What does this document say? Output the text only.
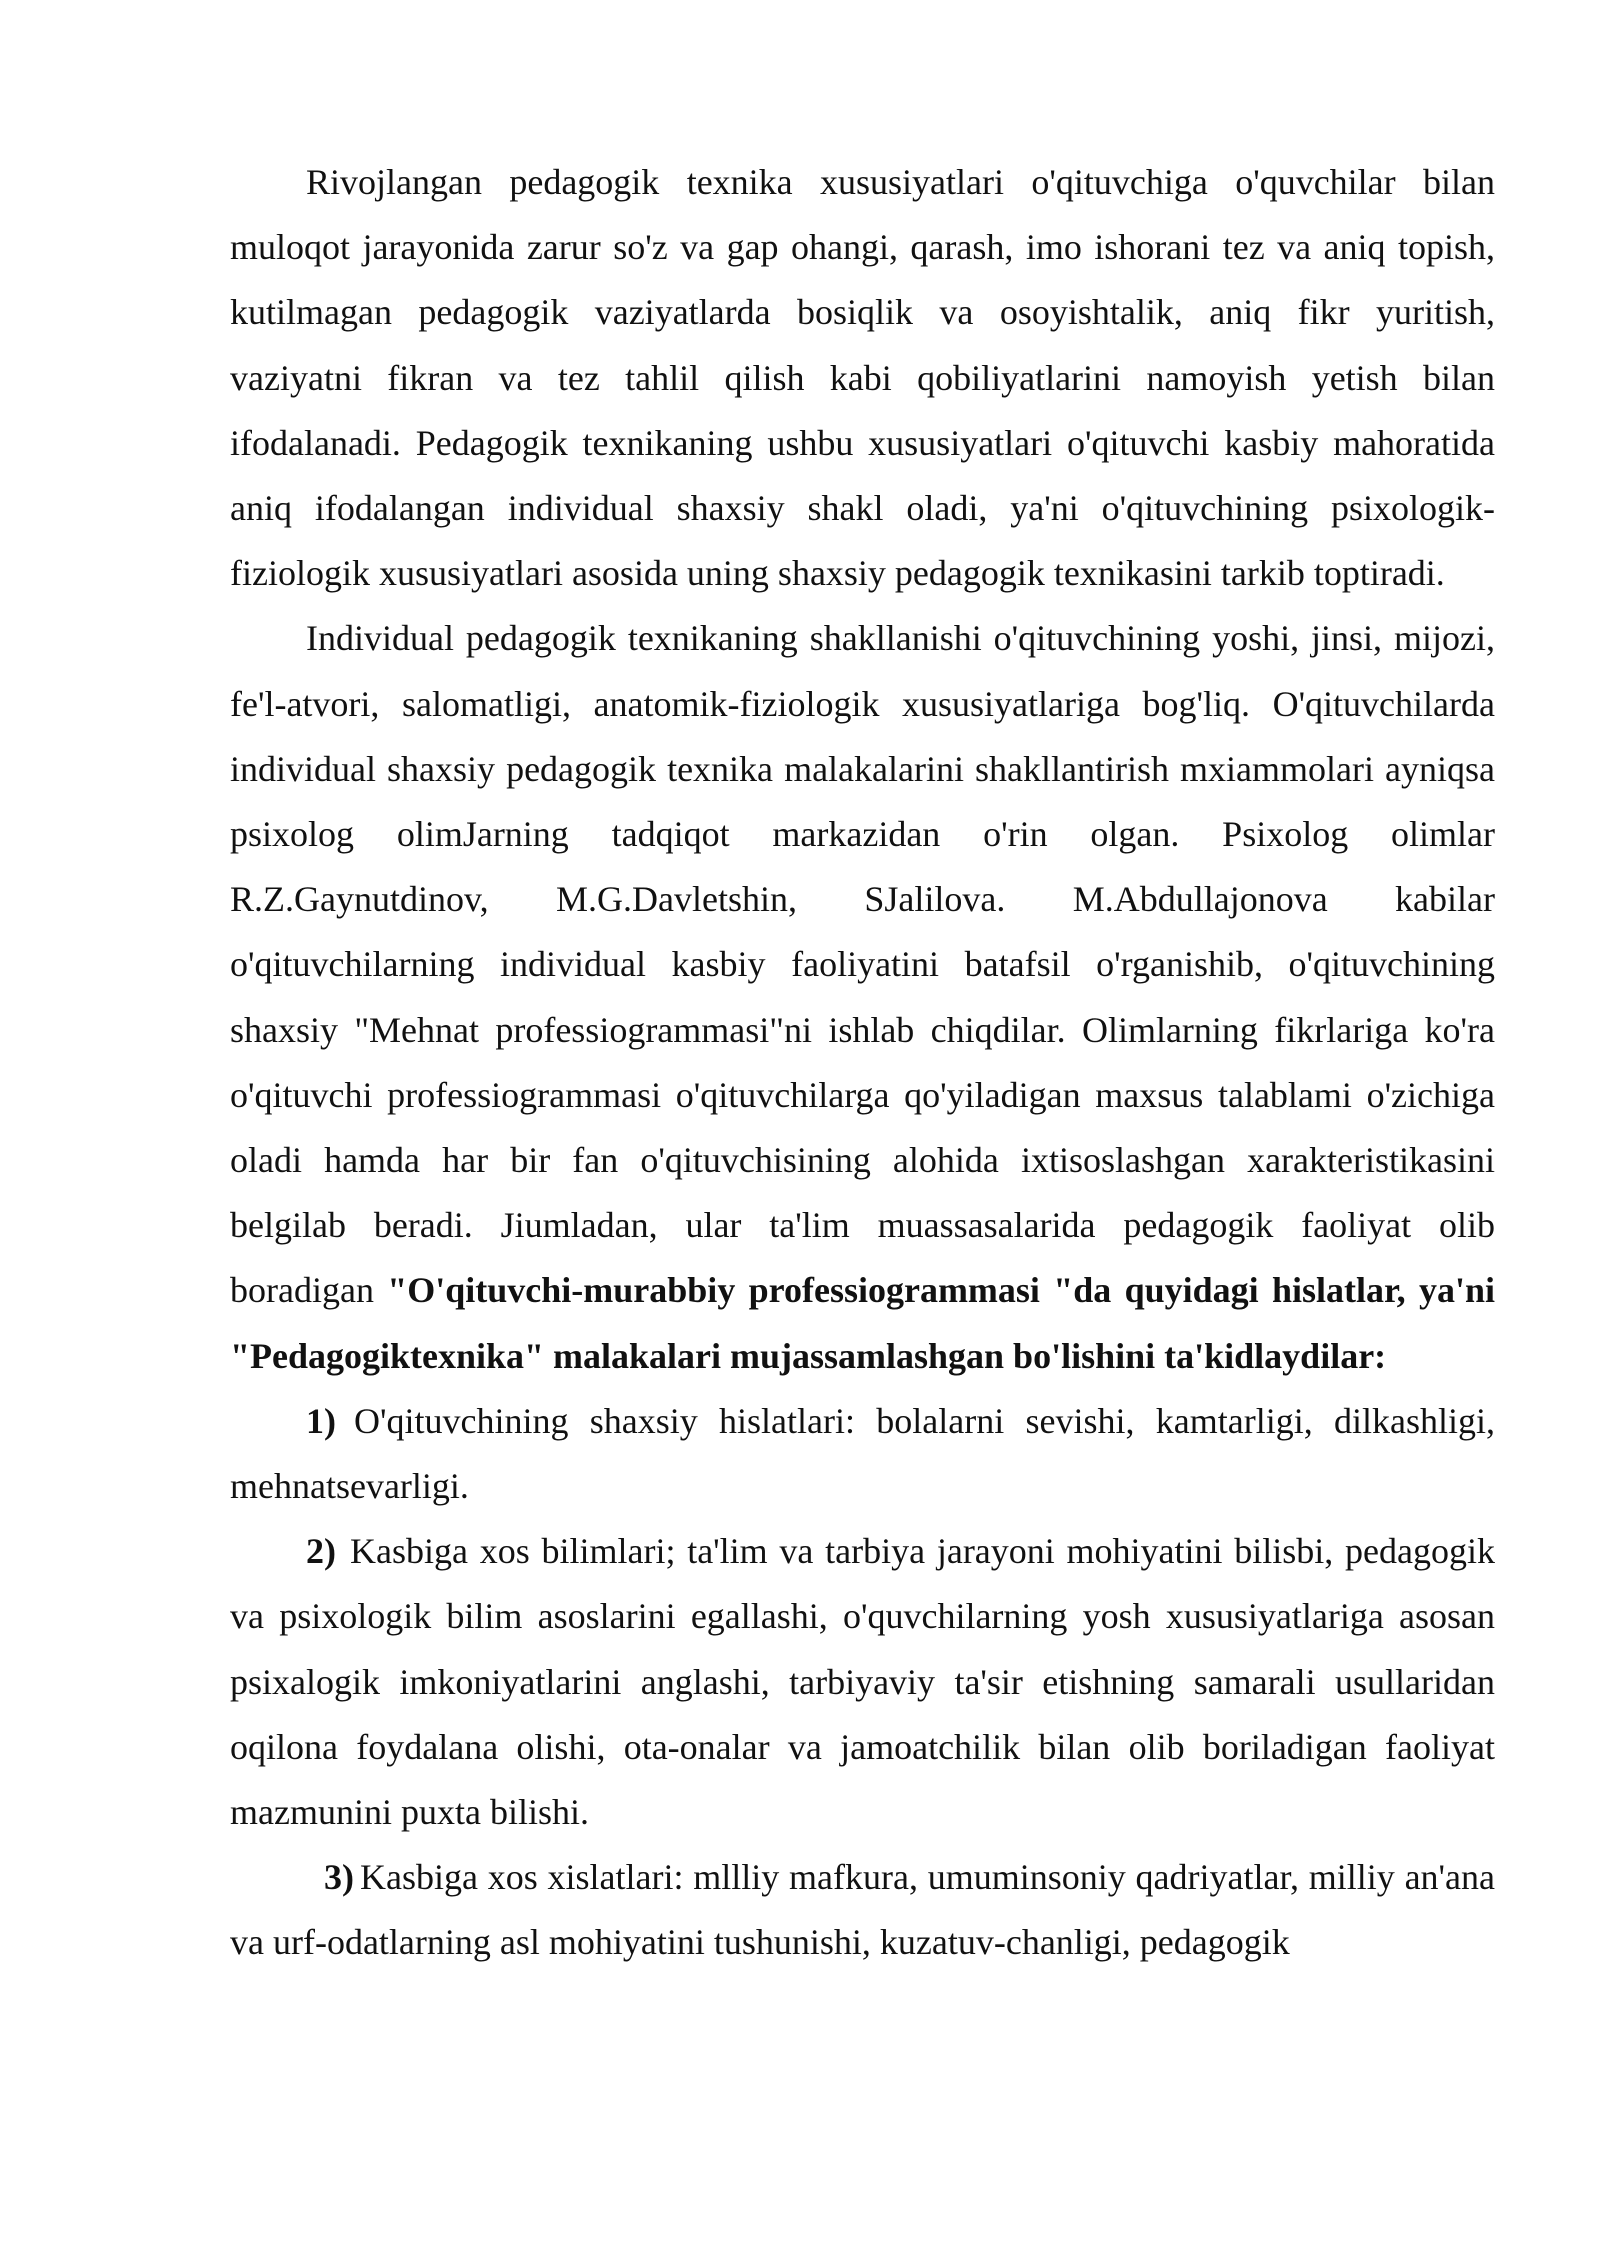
Rivojlangan pedagogik texnika xususiyatlari o'qituvchiga o'quvchilar bilan muloqot jarayonida zarur so'z va gap ohangi, qarash, imo ishorani tez va aniq topish, kutilmagan pedagogik vaziyatlarda bosiqlik va osoyishtalik, aniq fikr yuritish, vaziyatni fikran va tez tahlil qilish kabi qobiliyatlarini namoyish yetish bilan ifodalanadi. Pedagogik texnikaning ushbu xususiyatlari o'qituvchi kasbiy mahoratida aniq ifodalangan individual shaxsiy shakl oladi, ya'ni o'qituvchining psixologik-fiziologik xususiyatlari asosida uning shaxsiy pedagogik texnikasini tarkib toptiradi.

Individual pedagogik texnikaning shakllanishi o'qituvchining yoshi, jinsi, mijozi, fe'l-atvori, salomatligi, anatomik-fiziologik xususiyatlariga bog'liq. O'qituvchilarda individual shaxsiy pedagogik texnika malakalarini shakllantirish mxiammolari ayniqsa psixolog olimJarning tadqiqot markazidan o'rin olgan. Psixolog olimlar R.Z.Gaynutdinov, M.G.Davletshin, SJalilova. M.Abdullajonova kabilar o'qituvchilarning individual kasbiy faoliyatini batafsil o'rganishib, o'qituvchining shaxsiy "Mehnat professiogrammasi"ni ishlab chiqdilar. Olimlarning fikrlariga ko'ra o'qituvchi professiogrammasi o'qituvchilarga qo'yiladigan maxsus talablami o'zichiga oladi hamda har bir fan o'qituvchisining alohida ixtisoslashgan xarakteristikasini belgilab beradi. Jiumladan, ular ta'lim muassasalarida pedagogik faoliyat olib boradigan "O'qituvchi-murabbiy professiogrammasi "da quyidagi hislatlar, ya'ni "Pedagogiktexnika" malakalari mujassamlashgan bo'lishini ta'kidlaydilar:

1) O'qituvchining shaxsiy hislatlari: bolalarni sevishi, kamtarligi, dilkashligi, mehnatsevarligi.

2) Kasbiga xos bilimlari; ta'lim va tarbiya jarayoni mohiyatini bilisbi, pedagogik va psixologik bilim asoslarini egallashi, o'quvchilarning yosh xususiyatlariga asosan psixalogik imkoniyatlarini anglashi, tarbiyaviy ta'sir etishning samarali usullaridan oqilona foydalana olishi, ota-onalar va jamoatchilik bilan olib boriladigan faoliyat mazmunini puxta bilishi.

3) Kasbiga xos xislatlari: mllliy mafkura, umuminsoniy qadriyatlar, milliy an'ana va urf-odatlarning asl mohiyatini tushunishi, kuzatuv-chanligi, pedagogik
